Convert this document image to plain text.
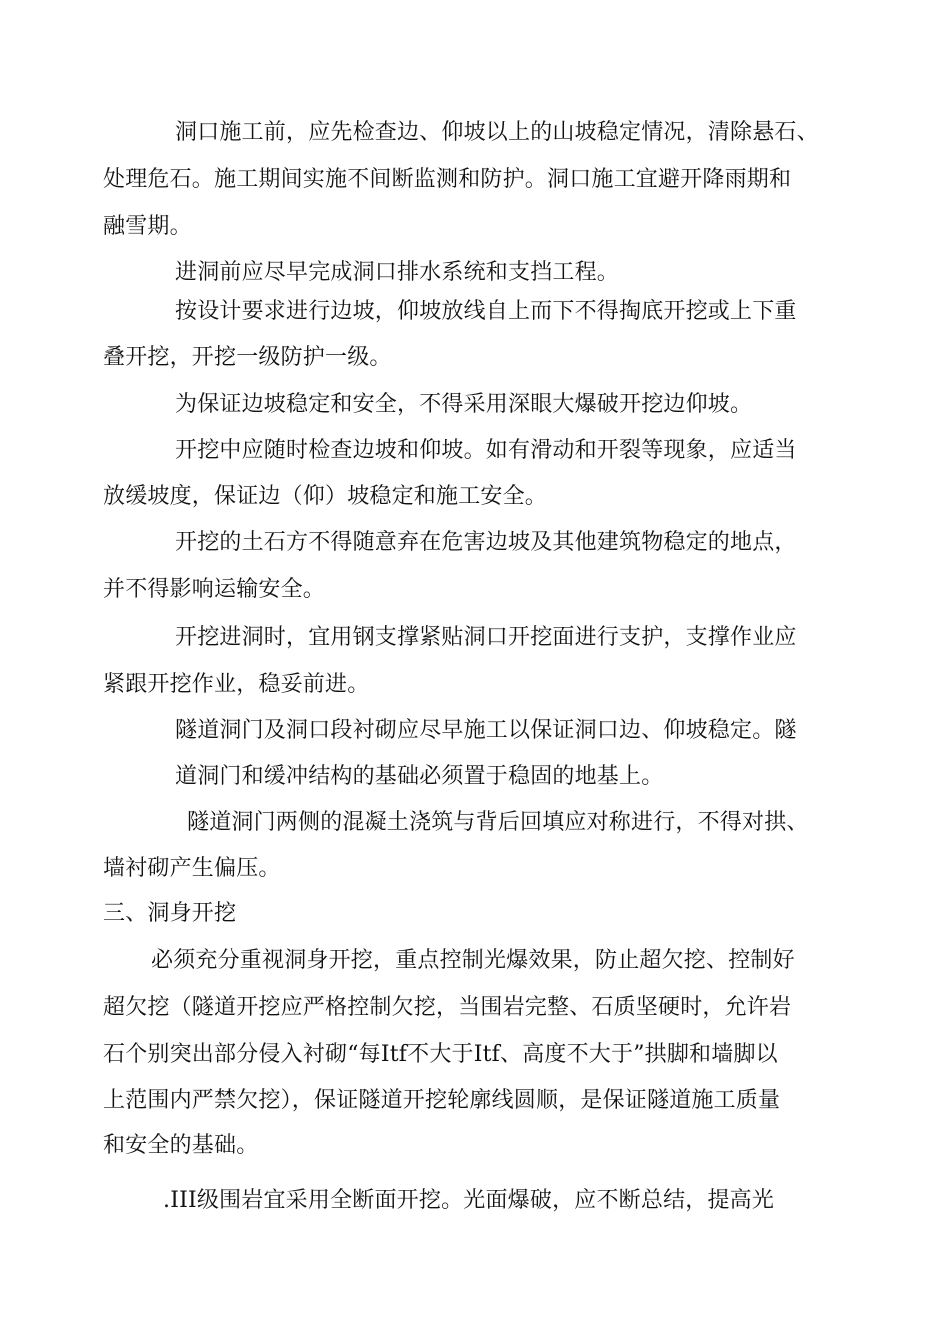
洞口施工前，应先检查边、仰坡以上的山坡稳定情况，清除悬石、
处理危石。施工期间实施不间断监测和防护。洞口施工宜避开降雨期和
融雪期。
进洞前应尽早完成洞口排水系统和支挡工程。
按设计要求进行边坡，仰坡放线自上而下不得掏底开挖或上下重
叠开挖，开挖一级防护一级。
为保证边坡稳定和安全，不得采用深眼大爆破开挖边仰坡。
开挖中应随时检查边坡和仰坡。如有滑动和开裂等现象，应适当
放缓坡度，保证边（仰）坡稳定和施工安全。
开挖的土石方不得随意弃在危害边坡及其他建筑物稳定的地点，
并不得影响运输安全。
开挖进洞时，宜用钢支撑紧贴洞口开挖面进行支护，支撑作业应
紧跟开挖作业，稳妥前进。
隧道洞门及洞口段衬砌应尽早施工以保证洞口边、仰坡稳定。隧
道洞门和缓冲结构的基础必须置于稳固的地基上。
隧道洞门两侧的混凝土浇筑与背后回填应对称进行，不得对拱、
墙衬砌产生偏压。
三、洞身开挖
必须充分重视洞身开挖，重点控制光爆效果，防止超欠挖、控制好
超欠挖（隧道开挖应严格控制欠挖，当围岩完整、石质坚硬时，允许岩
石个别突出部分侵入衬砌“每Itf不大于Itf、高度不大于”拱脚和墙脚以
上范围内严禁欠挖），保证隧道开挖轮廓线圆顺，是保证隧道施工质量
和安全的基础。
.III级围岩宜采用全断面开挖。光面爆破，应不断总结，提高光
